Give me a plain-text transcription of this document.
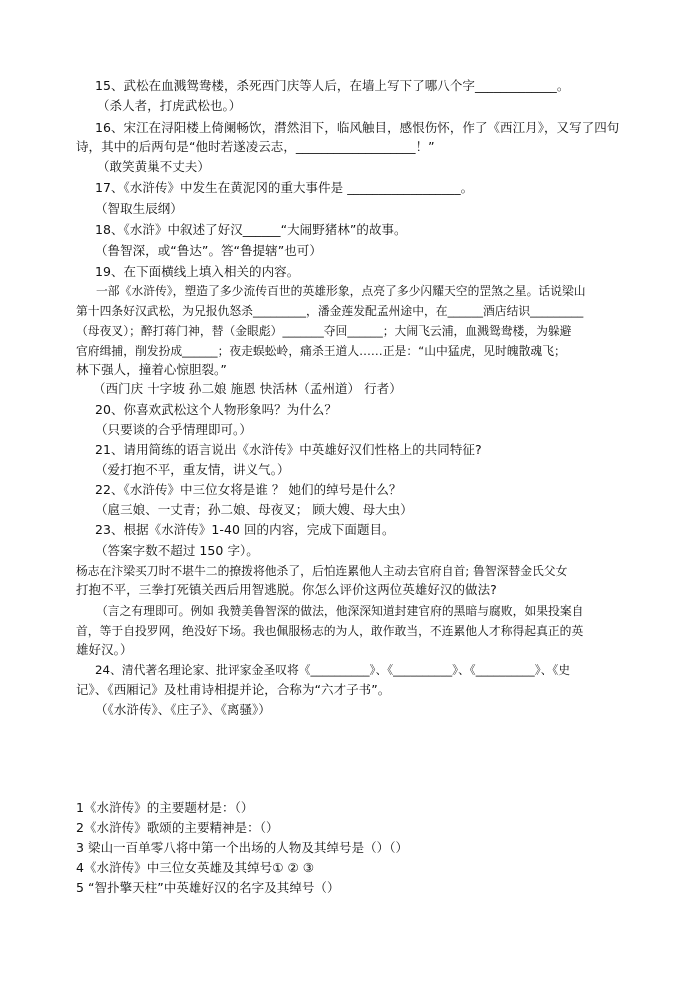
15、武松在血溅鸳鸯楼，杀死西门庆等人后，在墙上写下了哪八个字_____________。
（杀人者，打虎武松也。）
16、宋江在浔阳楼上倚阑畅饮，潸然泪下，临风触目，感恨伤怀，作了《西江月》，又写了四句
诗，其中的后两句是“他时若遂凌云志，___________________！”
（敢笑黄巢不丈夫）
17、《水浒传》中发生在黄泥冈的重大事件是 __________________。
（智取生辰纲）
18、《水浒》中叙述了好汉______“大闹野猪林”的故事。
（鲁智深，或“鲁达”。答“鲁提辖”也可）
19、在下面横线上填入相关的内容。
一部《水浒传》，塑造了多少流传百世的英雄形象，点亮了多少闪耀天空的罡煞之星。话说梁山
第十四条好汉武松，为兄报仇怒杀_________，潘金莲发配孟州途中，在______酒店结识_________
（母夜叉）；醉打蒋门神，替（金眼彪）_______夺回______；大闹飞云浦，血溅鸳鸯楼，为躲避
官府缉捕，削发扮成______；夜走蜈蚣岭，痛杀王道人……正是：“山中猛虎，见时魄散魂飞；
林下强人，撞着心惊胆裂。”
（西门庆 十字坡 孙二娘 施恩 快活林（孟州道） 行者）
20、你喜欢武松这个人物形象吗？为什么？
（只要谈的合乎情理即可。）
21、请用简练的语言说出《水浒传》中英雄好汉们性格上的共同特征?
（爱打抱不平，重友情，讲义气。）
22、《水浒传》中三位女将是谁 ？ 她们的绰号是什么？
（扈三娘、一丈青；孙二娘、母夜叉； 顾大嫂、母大虫）
23、根据《水浒传》1-40 回的内容，完成下面题目。
（答案字数不超过 150 字）。
杨志在汴梁买刀时不堪牛二的撩拨将他杀了，后怕连累他人主动去官府自首; 鲁智深替金氏父女
打抱不平，三拳打死镇关西后用智逃脱。你怎么评价这两位英雄好汉的做法?
（言之有理即可。例如 我赞美鲁智深的做法，他深深知道封建官府的黑暗与腐败，如果投案自
首，等于自投罗网，绝没好下场。我也佩服杨志的为人，敢作敢当，不连累他人才称得起真正的英
雄好汉。）
24、清代著名理论家、批评家金圣叹将《__________》、《__________》、《__________》、《史
记》、《西厢记》及杜甫诗相提并论，合称为“六才子书”。
（《水浒传》、《庄子》、《离骚》）
1《水浒传》的主要题材是：（）
2《水浒传》歌颂的主要精神是：（）
3 梁山一百单零八将中第一个出场的人物及其绰号是（）（）
4《水浒传》中三位女英雄及其绰号① ② ③
5 “智扑擎天柱”中英雄好汉的名字及其绰号（）
